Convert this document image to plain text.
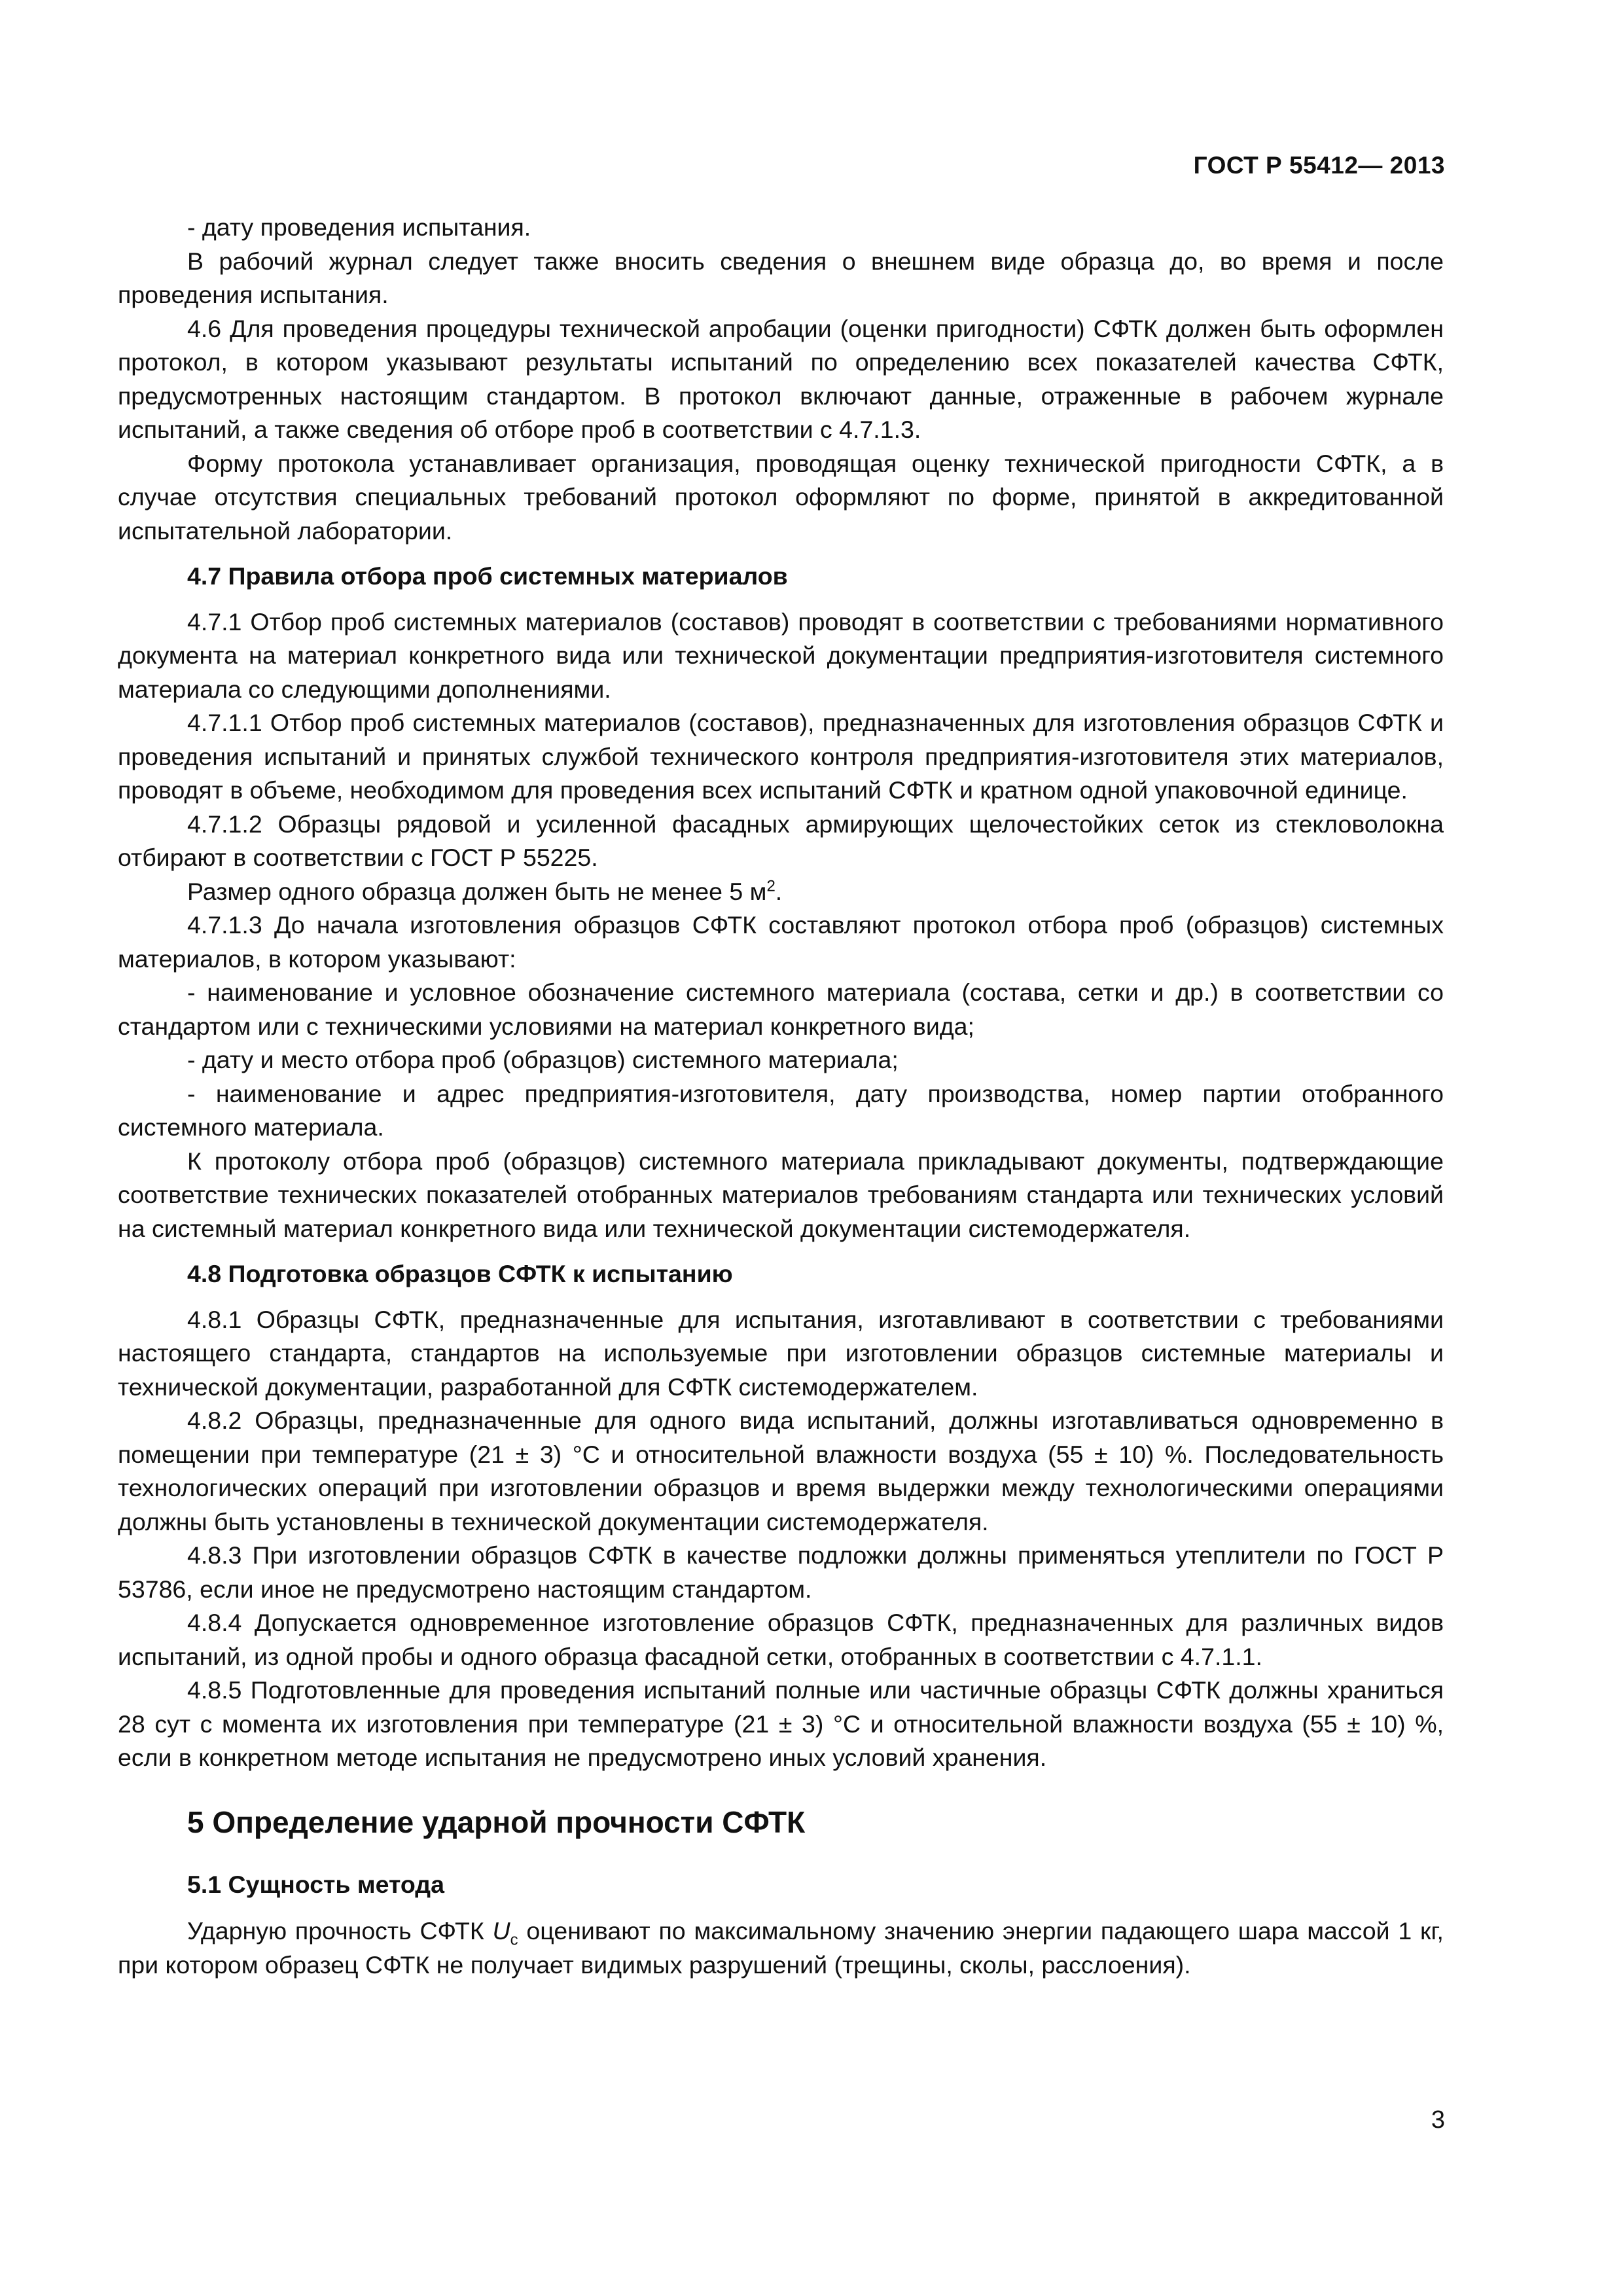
ГОСТ Р 55412— 2013

- дату проведения испытания.

В рабочий журнал следует также вносить сведения о внешнем виде образца до, во время и после проведения испытания.

4.6 Для проведения процедуры технической апробации (оценки пригодности) СФТК должен быть оформлен протокол, в котором указывают результаты испытаний по определению всех показателей качества СФТК, предусмотренных настоящим стандартом. В протокол включают данные, отраженные в рабочем журнале испытаний, а также сведения об отборе проб в соответствии с 4.7.1.3.

Форму протокола устанавливает организация, проводящая оценку технической пригодности СФТК, а в случае отсутствия специальных требований протокол оформляют по форме, принятой в аккредитованной испытательной лаборатории.

4.7 Правила отбора проб системных материалов

4.7.1 Отбор проб системных материалов (составов) проводят в соответствии с требованиями нормативного документа на материал конкретного вида или технической документации предприятия-изготовителя системного материала со следующими дополнениями.

4.7.1.1 Отбор проб системных материалов (составов), предназначенных для изготовления образцов СФТК и проведения испытаний и принятых службой технического контроля предприятия-изготовителя этих материалов, проводят в объеме, необходимом для проведения всех испытаний СФТК и кратном одной упаковочной единице.

4.7.1.2 Образцы рядовой и усиленной фасадных армирующих щелочестойких сеток из стекловолокна отбирают в соответствии с ГОСТ Р 55225.

Размер одного образца должен быть не менее 5 $м^2$.

4.7.1.3 До начала изготовления образцов СФТК составляют протокол отбора проб (образцов) системных материалов, в котором указывают:

- наименование и условное обозначение системного материала (состава, сетки и др.) в соответствии со стандартом или с техническими условиями на материал конкретного вида;

- дату и место отбора проб (образцов) системного материала;

- наименование и адрес предприятия-изготовителя, дату производства, номер партии отобранного системного материала.

К протоколу отбора проб (образцов) системного материала прикладывают документы, подтверждающие соответствие технических показателей отобранных материалов требованиям стандарта или технических условий на системный материал конкретного вида или технической документации системодержателя.

4.8 Подготовка образцов СФТК к испытанию

4.8.1 Образцы СФТК, предназначенные для испытания, изготавливают в соответствии с требованиями настоящего стандарта, стандартов на используемые при изготовлении образцов системные материалы и технической документации, разработанной для СФТК системодержателем.

4.8.2 Образцы, предназначенные для одного вида испытаний, должны изготавливаться одновременно в помещении при температуре (21 ± 3) °С и относительной влажности воздуха (55 ± 10) %. Последовательность технологических операций при изготовлении образцов и время выдержки между технологическими операциями должны быть установлены в технической документации системодержателя.

4.8.3 При изготовлении образцов СФТК в качестве подложки должны применяться утеплители по ГОСТ Р 53786, если иное не предусмотрено настоящим стандартом.

4.8.4 Допускается одновременное изготовление образцов СФТК, предназначенных для различных видов испытаний, из одной пробы и одного образца фасадной сетки, отобранных в соответствии с 4.7.1.1.

4.8.5 Подготовленные для проведения испытаний полные или частичные образцы СФТК должны храниться 28 сут с момента их изготовления при температуре (21 ± 3) °С и относительной влажности воздуха (55 ± 10) %, если в конкретном методе испытания не предусмотрено иных условий хранения.

5 Определение ударной прочности СФТК

5.1 Сущность метода

Ударную прочность СФТК $U_с$ оценивают по максимальному значению энергии падающего шара массой 1 кг, при котором образец СФТК не получает видимых разрушений (трещины, сколы, расслоения).

3
